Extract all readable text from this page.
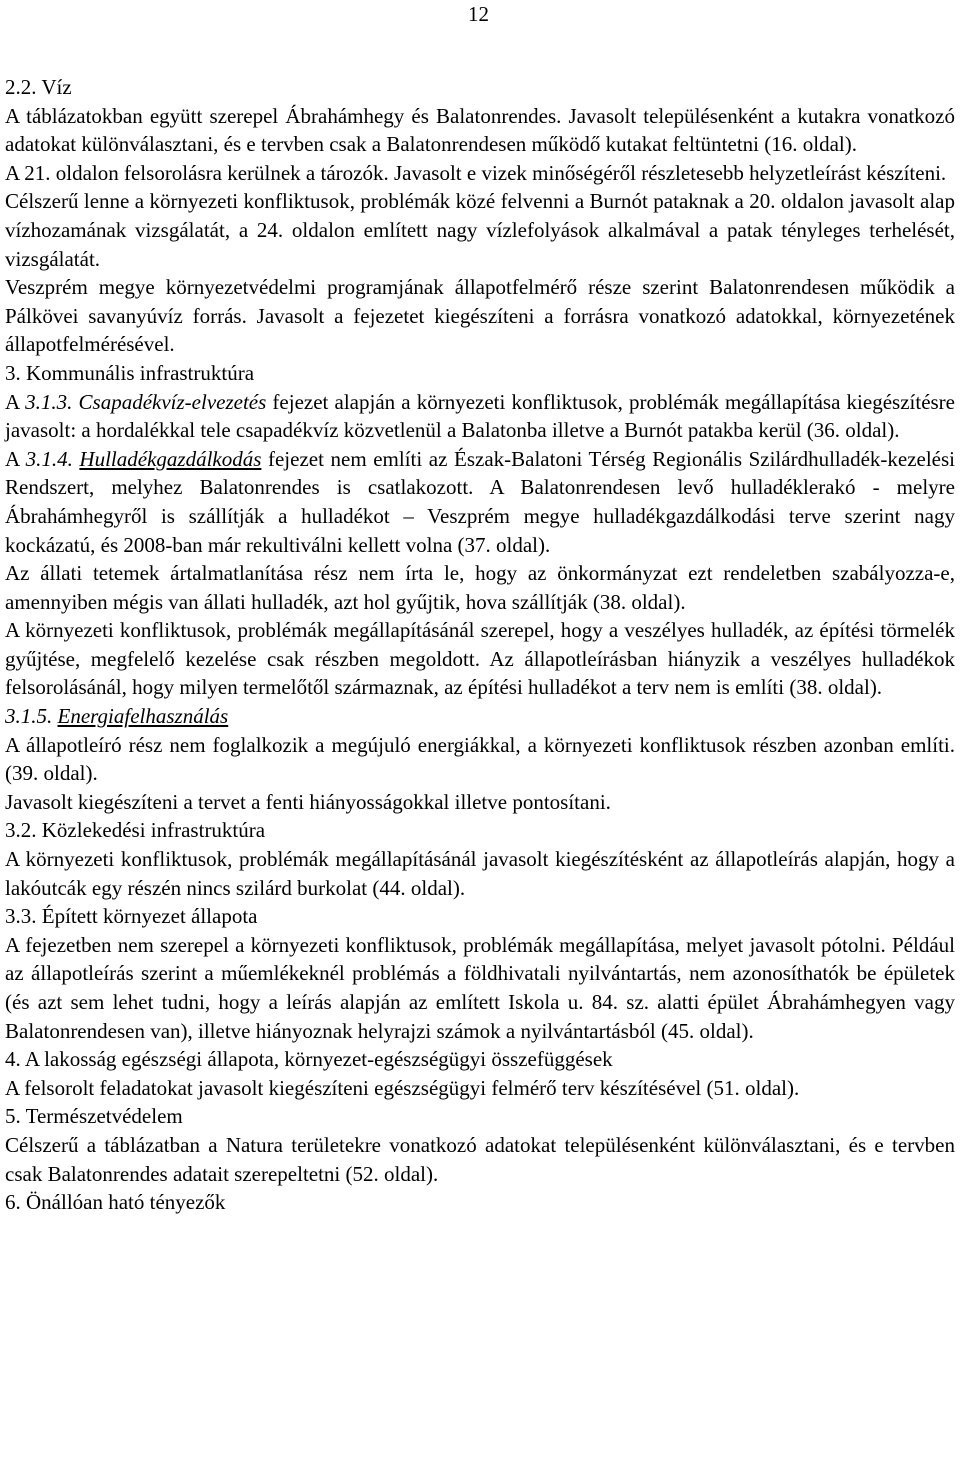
12
2.2. Víz
A táblázatokban együtt szerepel Ábrahámhegy és Balatonrendes. Javasolt településenként a kutakra vonatkozó adatokat különválasztani, és e tervben csak a Balatonrendesen működő kutakat feltüntetni (16. oldal).
A 21. oldalon felsorolásra kerülnek a tározók. Javasolt e vizek minőségéről részletesebb helyzetleírást készíteni.
Célszerű lenne a környezeti konfliktusok, problémák közé felvenni a Burnót pataknak a 20. oldalon javasolt alap vízhozamának vizsgálatát, a 24. oldalon említett nagy vízlefolyások alkalmával a patak tényleges terhelését, vizsgálatát.
Veszprém megye környezetvédelmi programjának állapotfelmérő része szerint Balatonrendesen működik a Pálkövei savanyúvíz forrás. Javasolt a fejezetet kiegészíteni a forrásra vonatkozó adatokkal, környezetének állapotfelmérésével.
3. Kommunális infrastruktúra
A 3.1.3. Csapadékvíz-elvezetés fejezet alapján a környezeti konfliktusok, problémák megállapítása kiegészítésre javasolt: a hordalékkal tele csapadékvíz közvetlenül a Balatonba illetve a Burnót patakba kerül (36. oldal).
A 3.1.4. Hulladékgazdálkodás fejezet nem említi az Észak-Balatoni Térség Regionális Szilárdhulladék-kezelési Rendszert, melyhez Balatonrendes is csatlakozott. A Balatonrendesen levő hulladéklerakó - melyre Ábrahámhegyről is szállítják a hulladékot – Veszprém megye hulladékgazdálkodási terve szerint nagy kockázatú, és 2008-ban már rekultiválni kellett volna (37. oldal).
Az állati tetemek ártalmatlanítása rész nem írta le, hogy az önkormányzat ezt rendeletben szabályozza-e, amennyiben mégis van állati hulladék, azt hol gyűjtik, hova szállítják (38. oldal).
A környezeti konfliktusok, problémák megállapításánál szerepel, hogy a veszélyes hulladék, az építési törmelék gyűjtése, megfelelő kezelése csak részben megoldott. Az állapotleírásban hiányzik a veszélyes hulladékok felsorolásánál, hogy milyen termelőtől származnak, az építési hulladékot a terv nem is említi (38. oldal).
3.1.5. Energiafelhasználás
A állapotleíró rész nem foglalkozik a megújuló energiákkal, a környezeti konfliktusok részben azonban említi. (39. oldal).
Javasolt kiegészíteni a tervet a fenti hiányosságokkal illetve pontosítani.
3.2. Közlekedési infrastruktúra
A környezeti konfliktusok, problémák megállapításánál javasolt kiegészítésként az állapotleírás alapján, hogy a lakóutcák egy részén nincs szilárd burkolat (44. oldal).
3.3. Épített környezet állapota
A fejezetben nem szerepel a környezeti konfliktusok, problémák megállapítása, melyet javasolt pótolni. Például az állapotleírás szerint a műemlékeknél problémás a földhivatali nyilvántartás, nem azonosíthatók be épületek (és azt sem lehet tudni, hogy a leírás alapján az említett Iskola u. 84. sz. alatti épület Ábrahámhegyen vagy Balatonrendesen van), illetve hiányoznak helyrajzi számok a nyilvántartásból (45. oldal).
4. A lakosság egészségi állapota, környezet-egészségügyi összefüggések
A felsorolt feladatokat javasolt kiegészíteni egészségügyi felmérő terv készítésével (51. oldal).
5. Természetvédelem
Célszerű a táblázatban a Natura területekre vonatkozó adatokat településenként különválasztani, és e tervben csak Balatonrendes adatait szerepeltetni (52. oldal).
6. Önállóan ható tényezők
